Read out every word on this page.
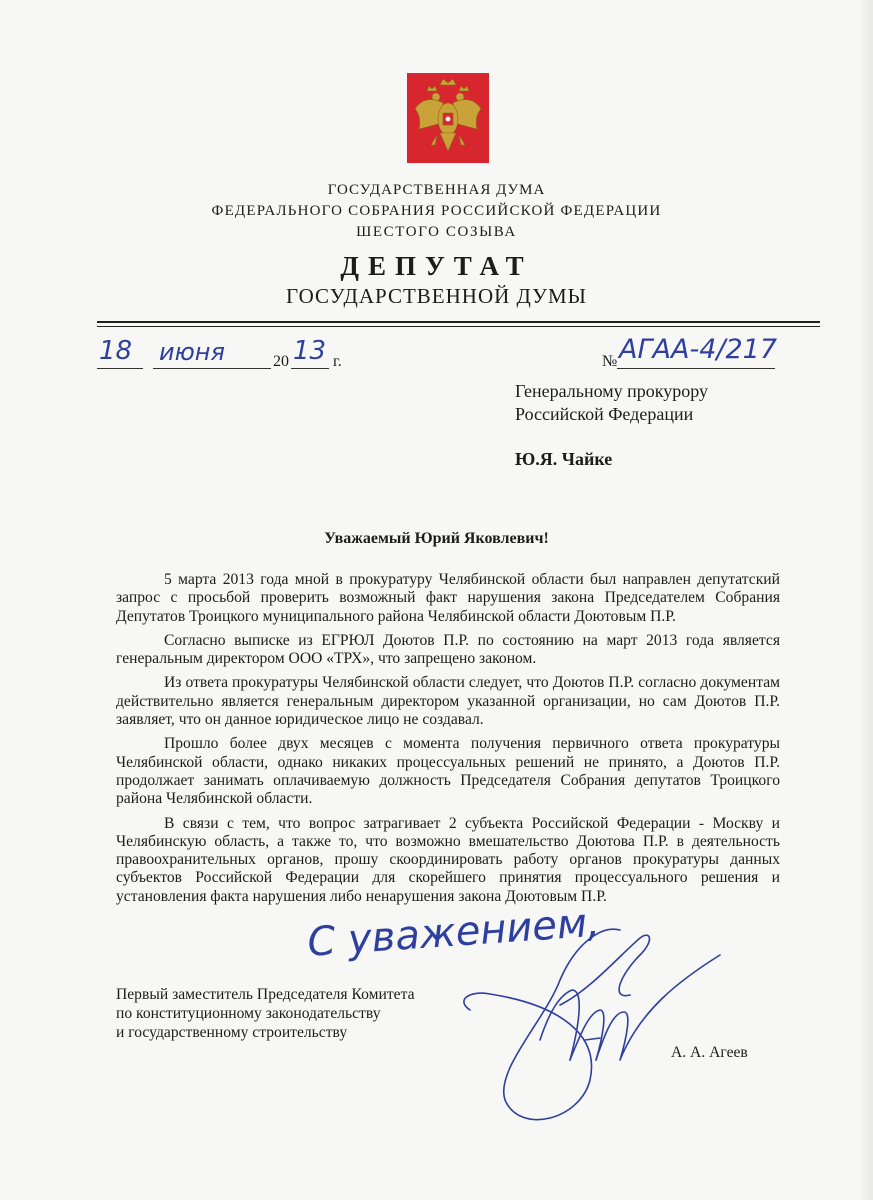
ГОСУДАРСТВЕННАЯ ДУМА
ФЕДЕРАЛЬНОГО СОБРАНИЯ РОССИЙСКОЙ ФЕДЕРАЦИИ
ШЕСТОГО СОЗЫВА
ДЕПУТАТ
ГОСУДАРСТВЕННОЙ ДУМЫ
18 июня	20 13 г.	№ АГАА-4/217
Генеральному прокурору
Российской Федерации
Ю.Я. Чайке
Уважаемый Юрий Яковлевич!

5 марта 2013 года мной в прокуратуру Челябинской области был направлен депутатский запрос с просьбой проверить возможный факт нарушения закона Председателем Собрания Депутатов Троицкого муниципального района Челябинской области Доютовым П.Р.

Согласно выписке из ЕГРЮЛ Доютов П.Р. по состоянию на март 2013 года является генеральным директором ООО «ТРХ», что запрещено законом.

Из ответа прокуратуры Челябинской области следует, что Доютов П.Р. согласно документам действительно является генеральным директором указанной организации, но сам Доютов П.Р. заявляет, что он данное юридическое лицо не создавал.

Прошло более двух месяцев с момента получения первичного ответа прокуратуры Челябинской области, однако никаких процессуальных решений не принято, а Доютов П.Р. продолжает занимать оплачиваемую должность Председателя Собрания депутатов Троицкого района Челябинской области.

В связи с тем, что вопрос затрагивает 2 субъекта Российской Федерации - Москву и Челябинскую область, а также то, что возможно вмешательство Доютова П.Р. в деятельность правоохранительных органов, прошу скоординировать работу органов прокуратуры данных субъектов Российской Федерации для скорейшего принятия процессуального решения и установления факта нарушения либо ненарушения закона Доютовым П.Р.

С уважением,
Первый заместитель Председателя Комитета
по конституционному законодательству
и государственному строительству
А. А. Агеев
